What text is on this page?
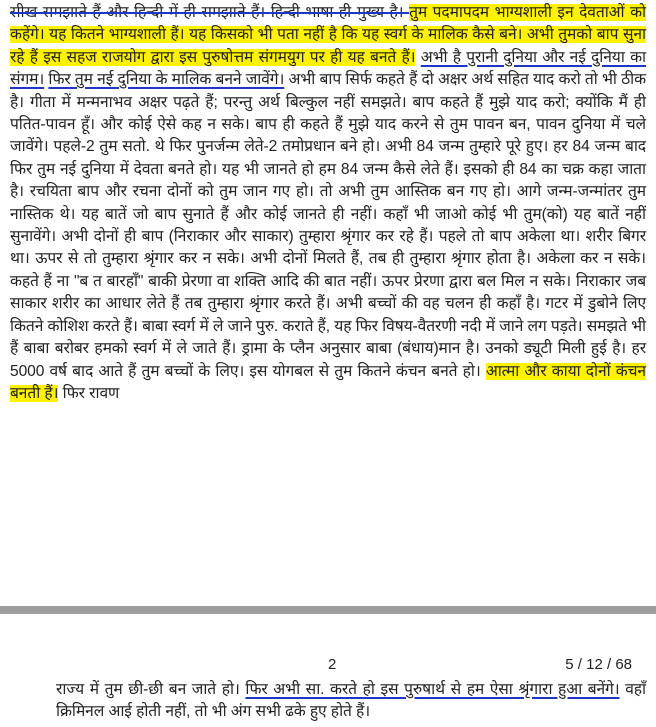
सीख समझाते हैं और हिन्दी में ही समझाते हैं। हिन्दी भाषा ही मुख्य है। तुम पदमापदम भाग्यशाली इन देवताओं को कहेंगे। यह कितने भाग्यशाली हैं। यह किसको भी पता नहीं है कि यह स्वर्ग के मालिक कैसे बने। अभी तुमको बाप सुना रहे हैं इस सहज राजयोग द्वारा इस पुरुषोत्तम संगमयुग पर ही यह बनते हैं। अभी है पुरानी दुनिया और नई दुनिया का संगम। फिर तुम नई दुनिया के मालिक बनने जावेंगे। अभी बाप सिर्फ कहते हैं दो अक्षर अर्थ सहित याद करो तो भी ठीक है। गीता में मन्मनाभव अक्षर पढ़ते हैं; परन्तु अर्थ बिल्कुल नहीं समझते। बाप कहते हैं मुझे याद करो; क्योंकि मैं ही पतित-पावन हूँ। और कोई ऐसे कह न सके। बाप ही कहते हैं मुझे याद करने से तुम पावन बन, पावन दुनिया में चले जावेंगे। पहले-2 तुम सतो. थे फिर पुनर्जन्म लेते-2 तमोप्रधान बने हो। अभी 84 जन्म तुम्हारे पूरे हुए। हर 84 जन्म बाद फिर तुम नई दुनिया में देवता बनते हो। यह भी जानते हो हम 84 जन्म कैसे लेते हैं। इसको ही 84 का चक्र कहा जाता है। रचयिता बाप और रचना दोनों को तुम जान गए हो। तो अभी तुम आस्तिक बन गए हो। आगे जन्म-जन्मांतर तुम नास्तिक थे। यह बातें जो बाप सुनाते हैं और कोई जानते ही नहीं। कहाँ भी जाओ कोई भी तुम(को) यह बातें नहीं सुनावेंगे। अभी दोनों ही बाप (निराकार और साकार) तुम्हारा श्रृंगार कर रहे हैं। पहले तो बाप अकेला था। शरीर बिगर था। ऊपर से तो तुम्हारा श्रृंगार कर न सके। अभी दोनों मिलते हैं, तब ही तुम्हारा श्रृंगार होता है। अकेला कर न सके। कहते हैं ना "ब त बारहाँ" बाकी प्रेरणा वा शक्ति आदि की बात नहीं। ऊपर प्रेरणा द्वारा बल मिल न सके। निराकार जब साकार शरीर का आधार लेते हैं तब तुम्हारा श्रृंगार करते हैं। अभी बच्चों की वह चलन ही कहाँ है। गटर में डुबोने लिए कितने कोशिश करते हैं। बाबा स्वर्ग में ले जाने पुरु. कराते हैं, यह फिर विषय-वैतरणी नदी में जाने लग पड़ते। समझते भी हैं बाबा बरोबर हमको स्वर्ग में ले जाते हैं। ड्रामा के प्लैन अनुसार बाबा (बंधाय)मान है। उनको ड्यूटी मिली हुई है। हर 5000 वर्ष बाद आते हैं तुम बच्चों के लिए। इस योगबल से तुम कितने कंचन बनते हो। आत्मा और काया दोनों कंचन बनती हैं। फिर रावण
2	5 / 12 / 68
राज्य में तुम छी-छी बन जाते हो। फिर अभी सा. करते हो इस पुरुषार्थ से हम ऐसा श्रृंगारा हुआ बनेंगे। वहाँ क्रिमिनल आई होती नहीं, तो भी अंग सभी ढके हुए होते हैं।
